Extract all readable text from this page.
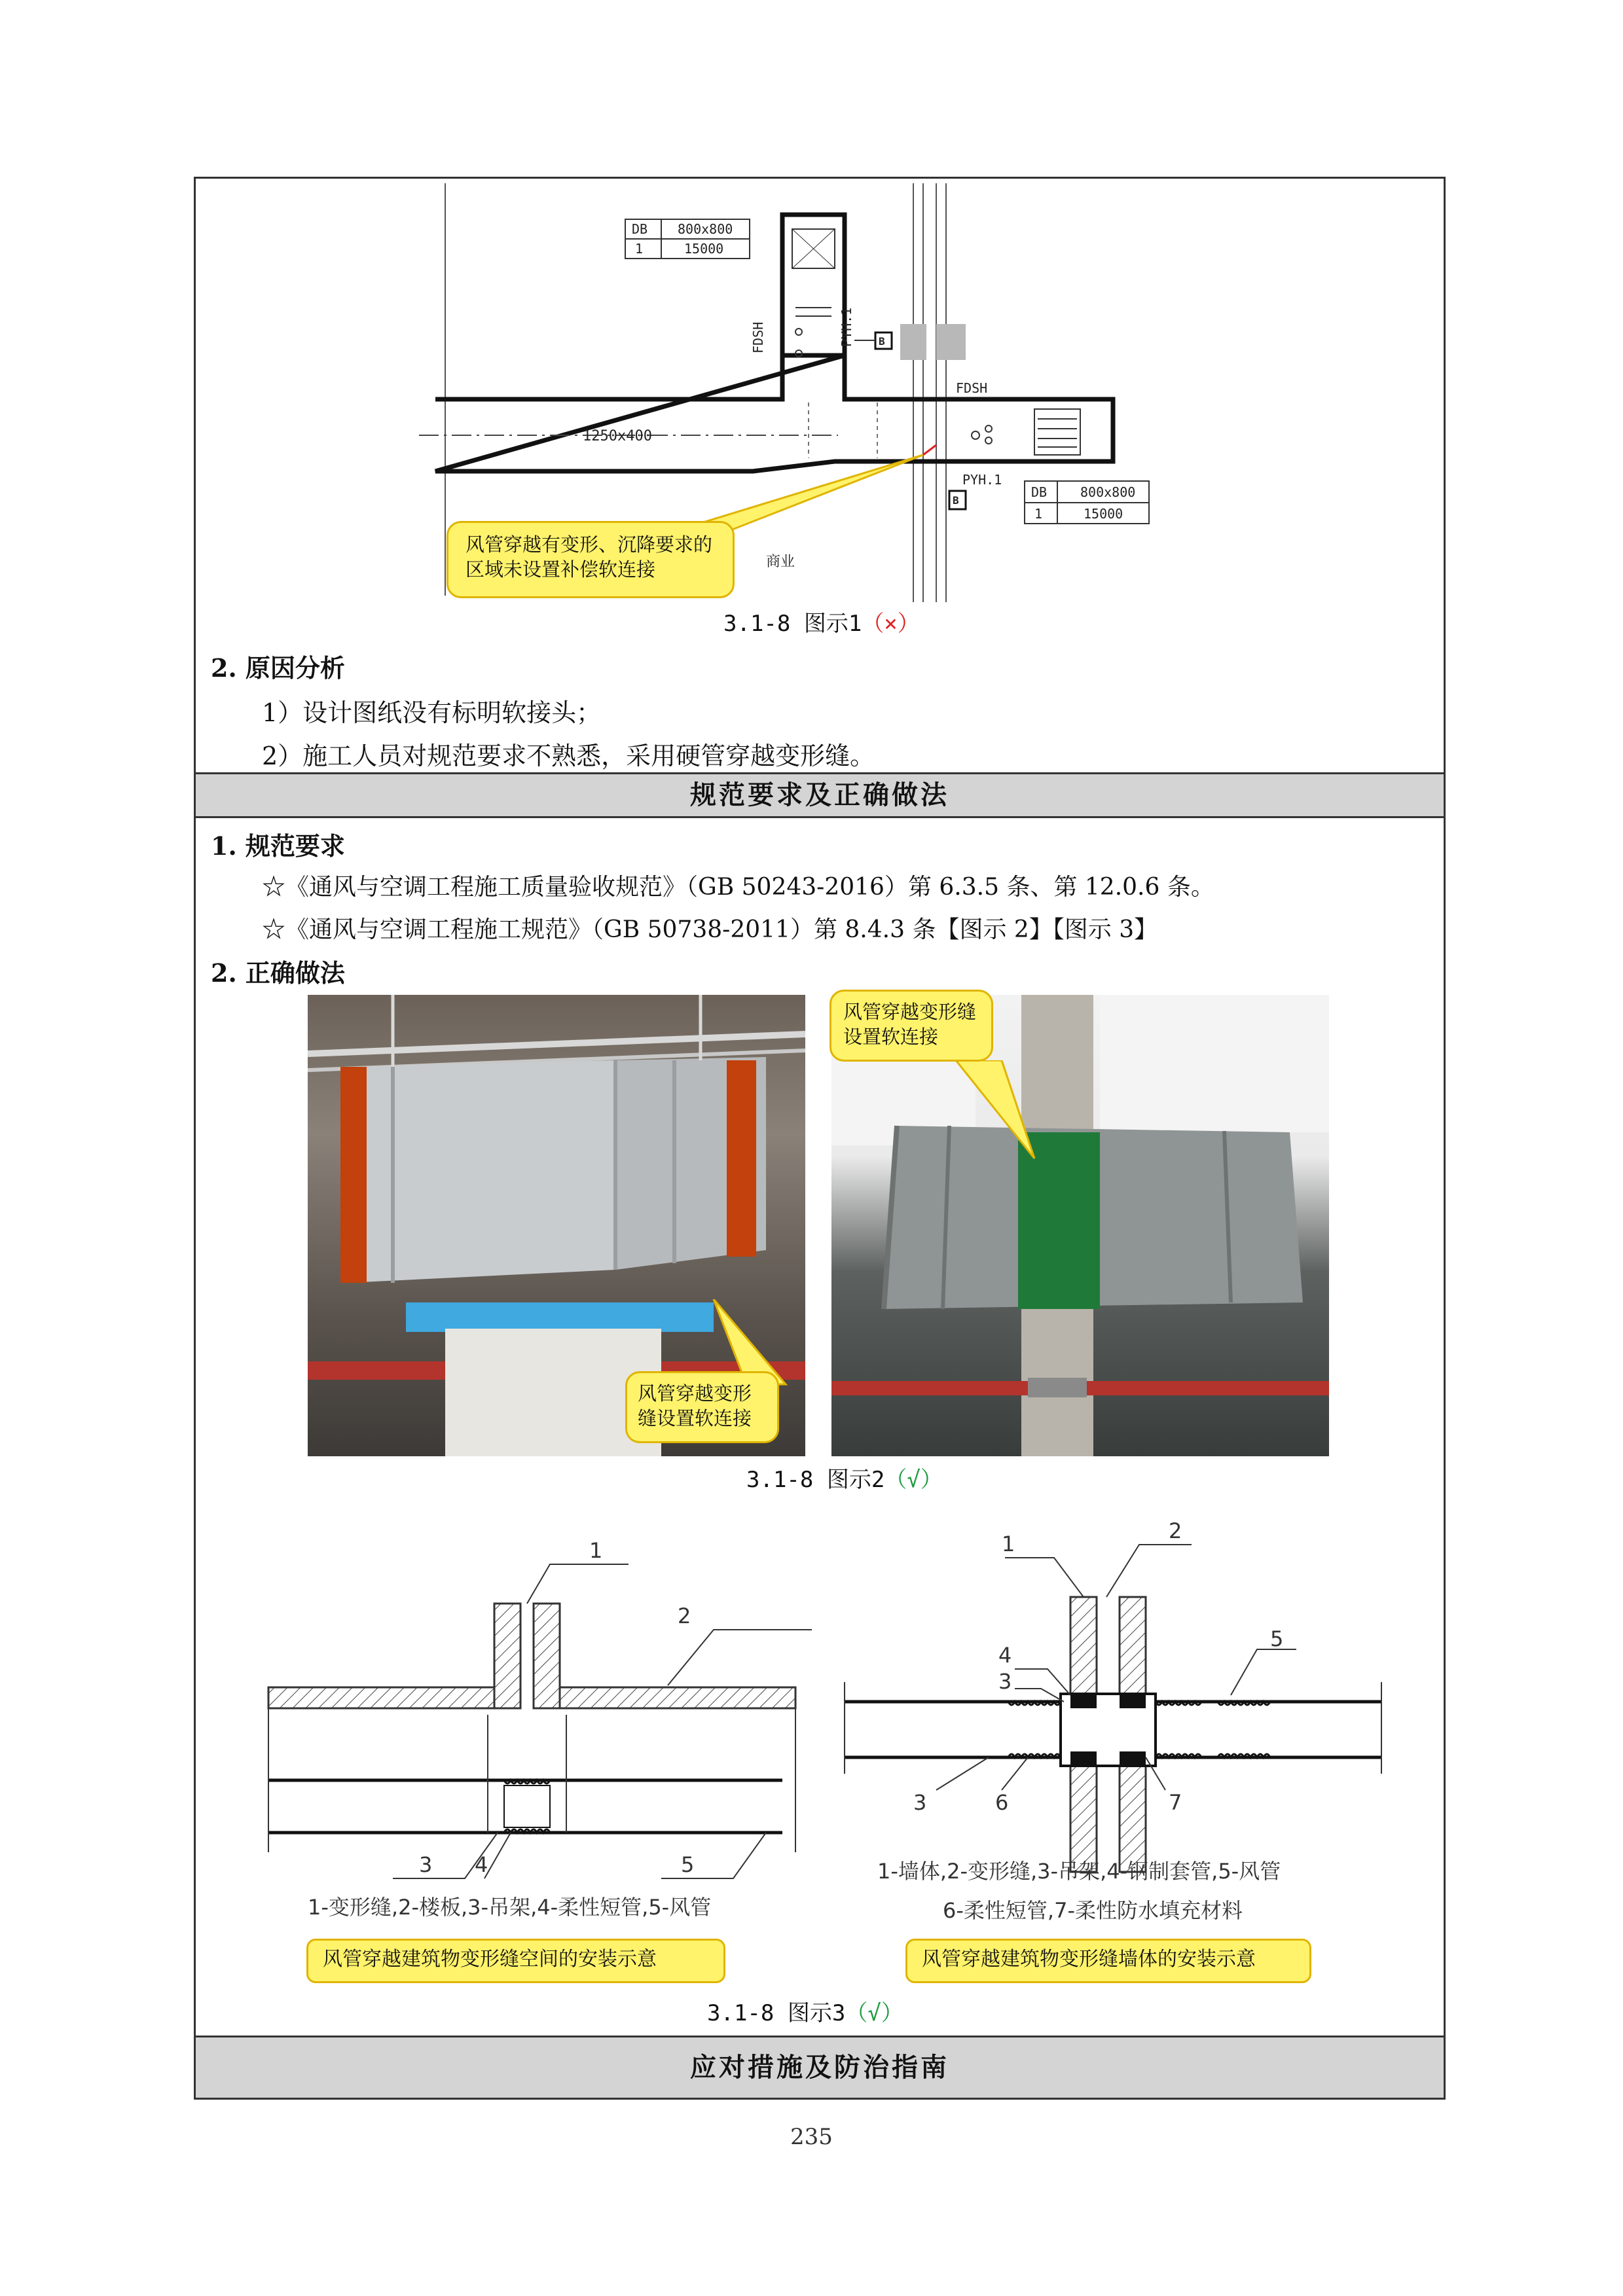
DB 800x800
1	15000
FDSH	PYH.1 B
1250x400
FDSH
PYH.1
B
DB	800x800
1	15000
商业
风管穿越有变形、沉降要求的区域未设置补偿软连接
3.1-8 图示1（×）
2. 原因分析
1）设计图纸没有标明软接头；
2）施工人员对规范要求不熟悉，采用硬管穿越变形缝。
规范要求及正确做法
1. 规范要求
☆《通风与空调工程施工质量验收规范》（GB 50243-2016）第 6.3.5 条、第 12.0.6 条。
☆《通风与空调工程施工规范》（GB 50738-2011）第 8.4.3 条【图示 2】【图示 3】
2. 正确做法
风管穿越变形缝设置软连接
风管穿越变形缝设置软连接
3.1-8 图示2（√）
1
2
3 4	5
1-变形缝,2-楼板,3-吊架,4-柔性短管,5-风管
风管穿越建筑物变形缝空间的安装示意
1
2
4
3
5
3	6	7
1-墙体,2-变形缝,3-吊架,4-钢制套管,5-风管
6-柔性短管,7-柔性防水填充材料
风管穿越建筑物变形缝墙体的安装示意
3.1-8 图示3（√）
应对措施及防治指南
235
